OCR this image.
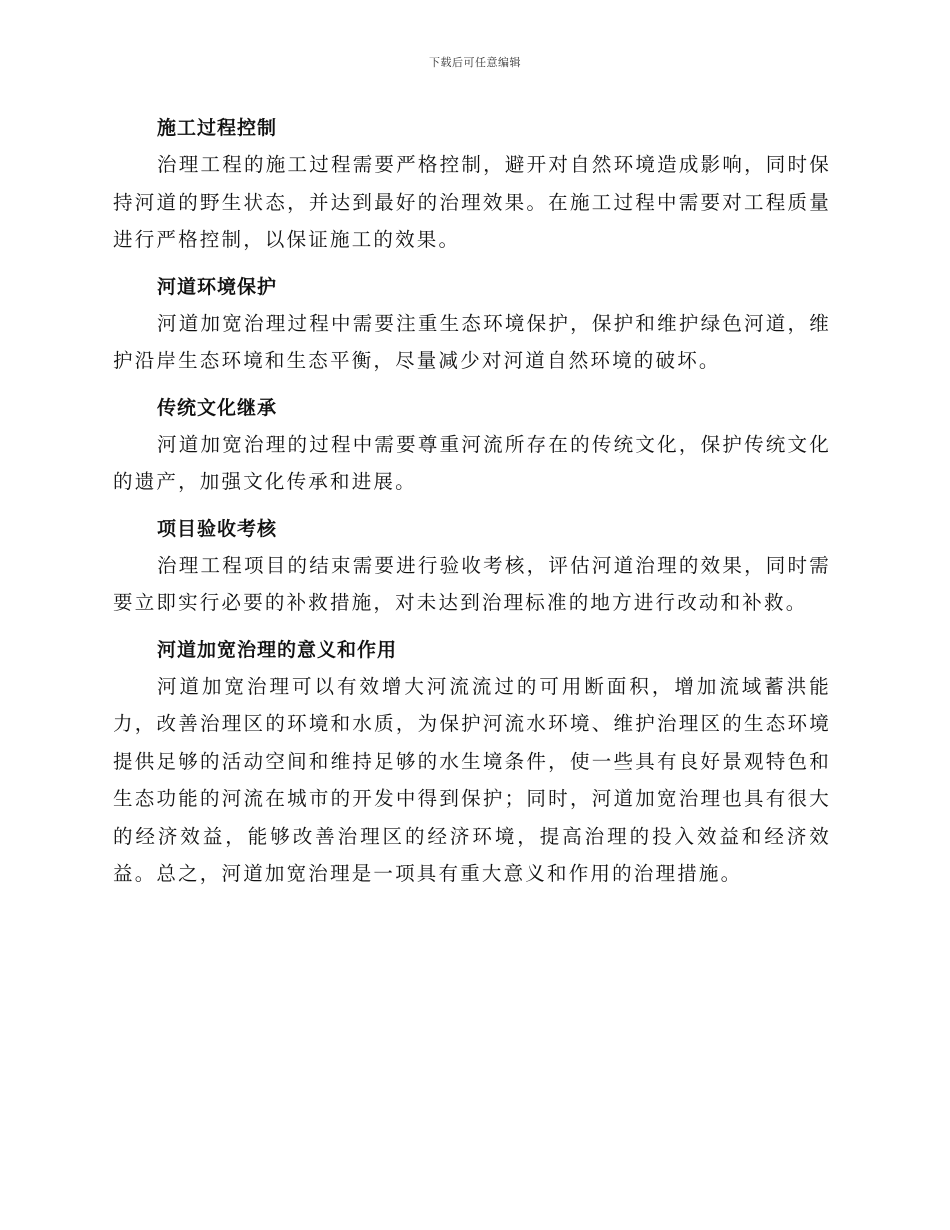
下载后可任意编辑
施工过程控制

治理工程的施工过程需要严格控制，避开对自然环境造成影响，同时保持河道的野生状态，并达到最好的治理效果。在施工过程中需要对工程质量进行严格控制，以保证施工的效果。

河道环境保护

河道加宽治理过程中需要注重生态环境保护，保护和维护绿色河道，维护沿岸生态环境和生态平衡，尽量减少对河道自然环境的破坏。

传统文化继承

河道加宽治理的过程中需要尊重河流所存在的传统文化，保护传统文化的遗产，加强文化传承和进展。

项目验收考核

治理工程项目的结束需要进行验收考核，评估河道治理的效果，同时需要立即实行必要的补救措施，对未达到治理标准的地方进行改动和补救。

河道加宽治理的意义和作用

河道加宽治理可以有效增大河流流过的可用断面积，增加流域蓄洪能力，改善治理区的环境和水质，为保护河流水环境、维护治理区的生态环境提供足够的活动空间和维持足够的水生境条件，使一些具有良好景观特色和生态功能的河流在城市的开发中得到保护；同时，河道加宽治理也具有很大的经济效益，能够改善治理区的经济环境，提高治理的投入效益和经济效益。总之，河道加宽治理是一项具有重大意义和作用的治理措施。
